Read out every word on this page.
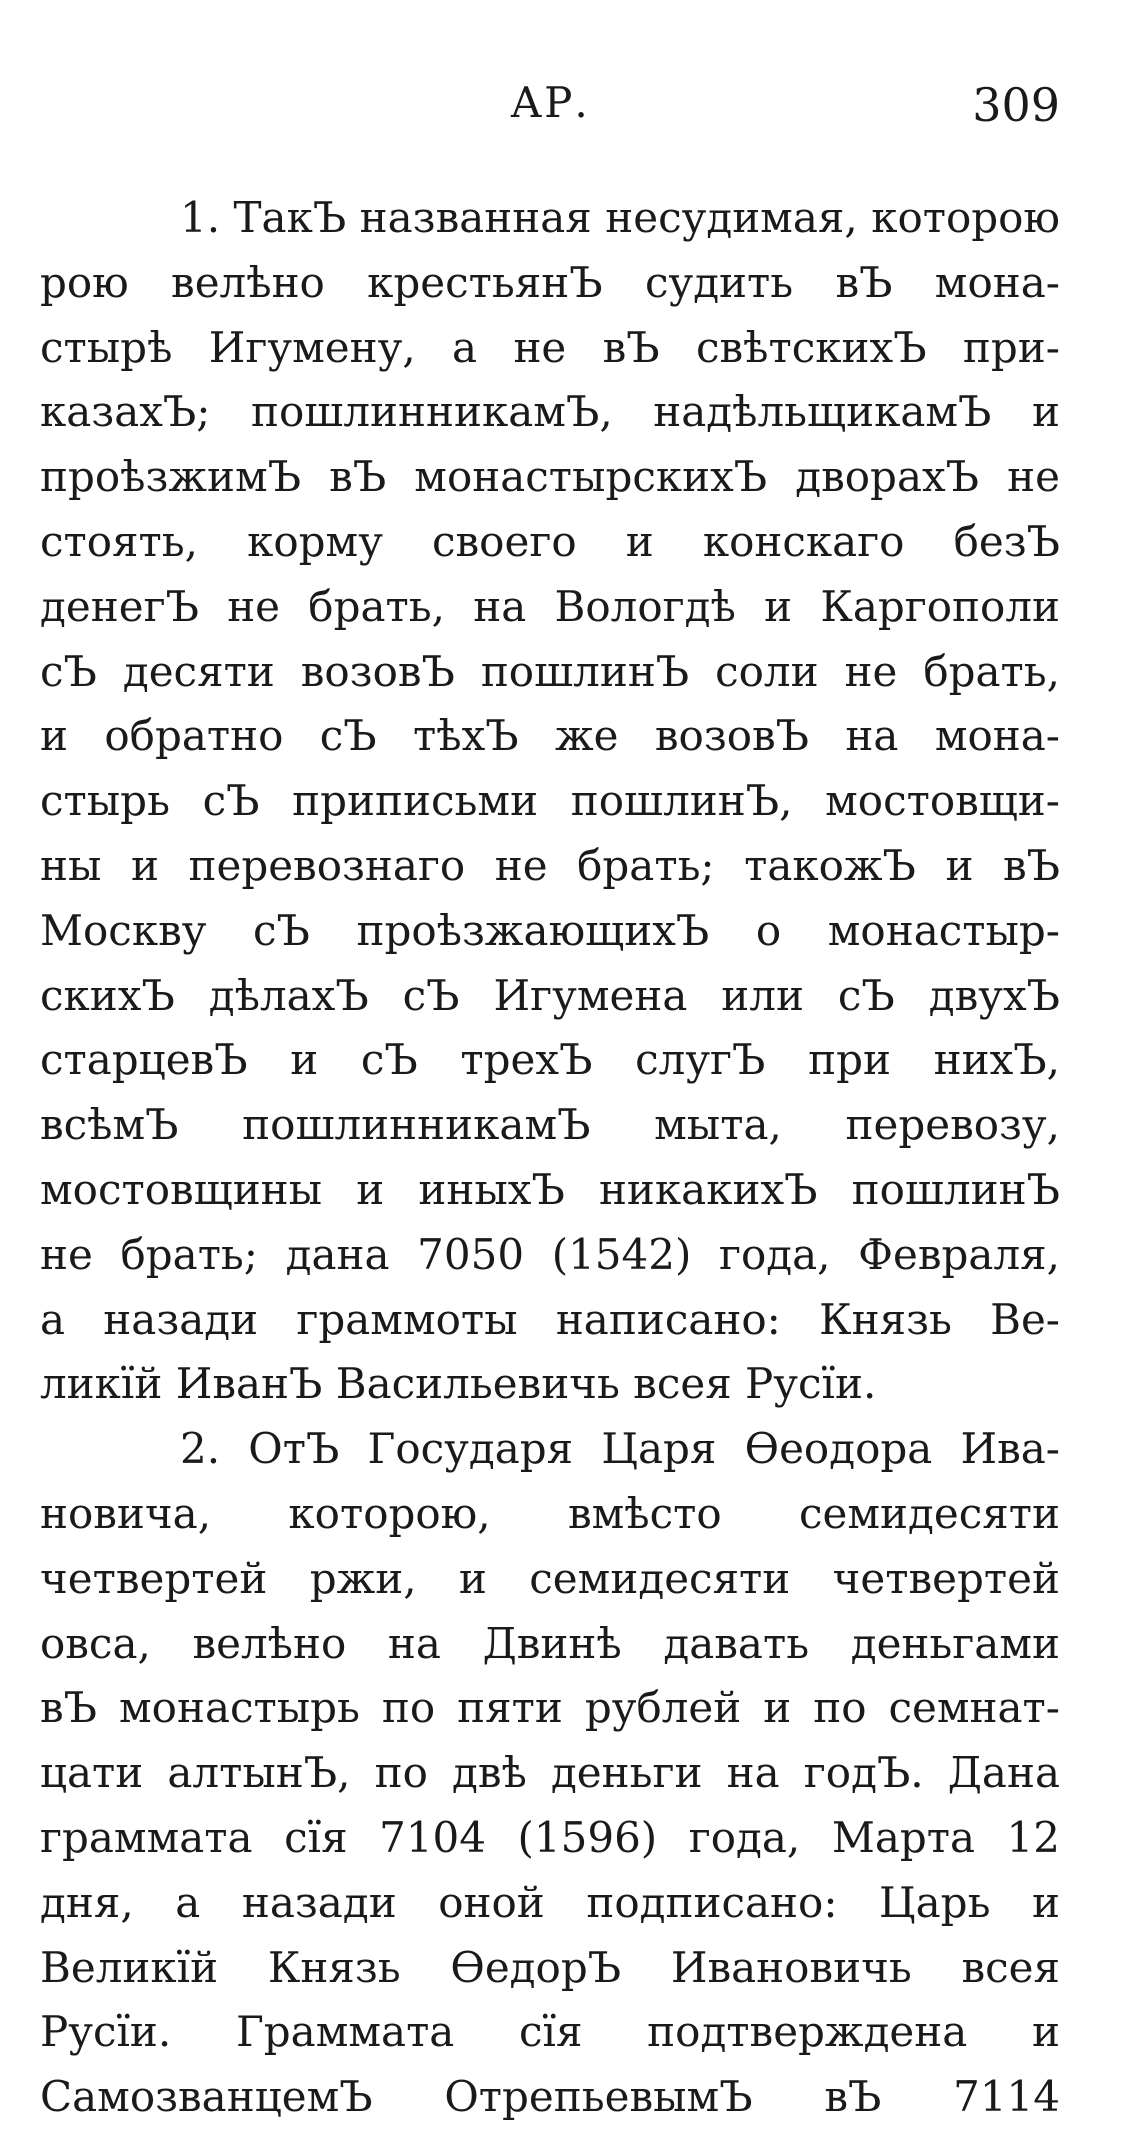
АР.	309
1. ТакЪ названная несудимая, которою
рою велѣно крестьянЪ судить вЪ мона-
стырѣ Игумену, а не вЪ свѣтскихЪ при-
казахЪ; пошлинникамЪ, надѣльщикамЪ и
проѣзжимЪ вЪ монастырскихЪ дворахЪ не
стоять, корму своего и конскаго безЪ
денегЪ не брать, на Вологдѣ и Каргополи
сЪ десяти возовЪ пошлинЪ соли не брать,
и обратно сЪ тѣхЪ же возовЪ на мона-
стырь сЪ приписьми пошлинЪ, мостовщи-
ны и перевознаго не брать; такожЪ и вЪ
Москву сЪ проѣзжающихЪ о монастыр-
скихЪ дѣлахЪ сЪ Игумена или сЪ двухЪ
старцевЪ и сЪ трехЪ слугЪ при нихЪ,
всѣмЪ пошлинникамЪ мыта, перевозу,
мостовщины и иныхЪ никакихЪ пошлинЪ
не брать; дана 7050 (1542) года, Февраля,
а назади граммоты написано: Князь Ве-
ликїй ИванЪ Васильевичь всея Русїи.
2. ОтЪ Государя Царя Ѳеодора Ива-
новича, которою, вмѣсто семидесяти
четвертей ржи, и семидесяти четвертей
овса, велѣно на Двинѣ давать деньгами
вЪ монастырь по пяти рублей и по семнат-
цати алтынЪ, по двѣ деньги на годЪ. Дана
граммата сїя 7104 (1596) года, Марта 12
дня, а назади оной подписано: Царь и
Великїй Князь ѲедорЪ Ивановичь всея
Русїи. Граммата сїя подтверждена и
СамозванцемЪ ОтрепьевымЪ вЪ 7114
